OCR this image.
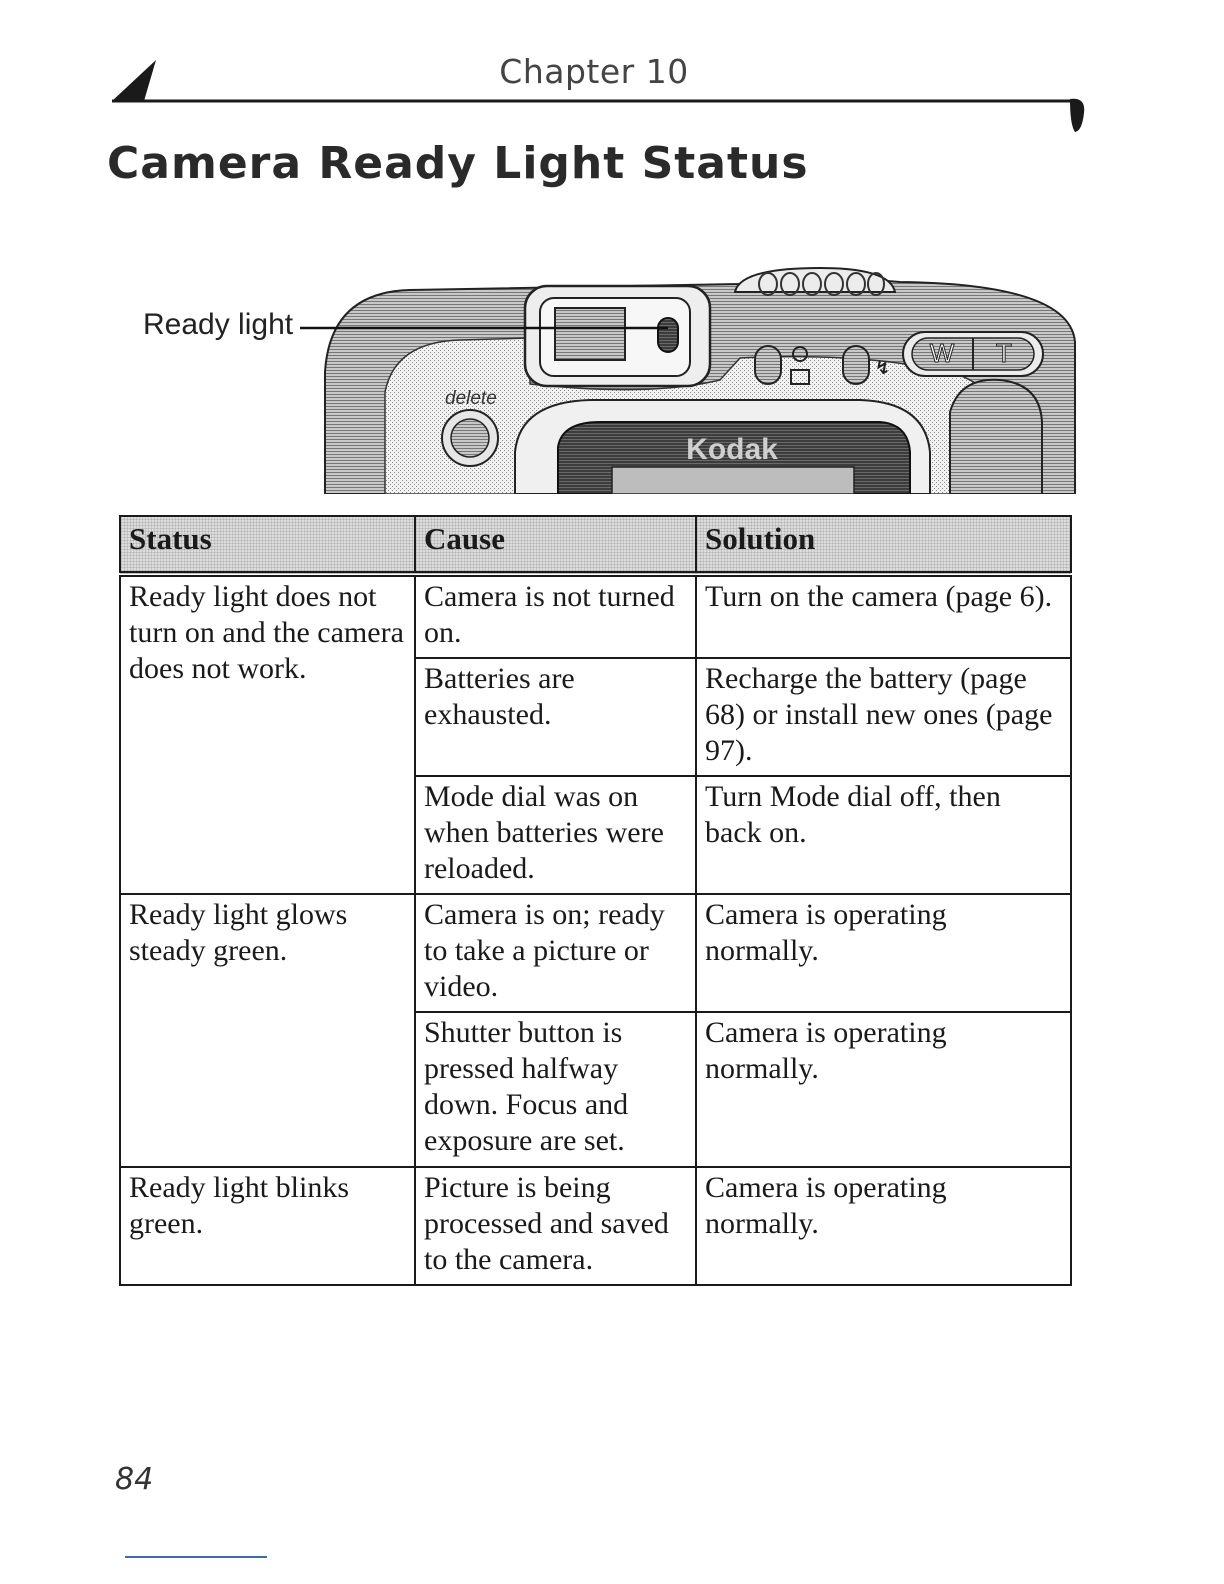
Chapter 10
Camera Ready Light Status
Ready light
↯
W T
delete
Kodak
Status	Cause	Solution
Ready light does not turn on and the camera does not work.	Camera is not turned on.	Turn on the camera (page 6).
	Batteries are exhausted.	Recharge the battery (page 68) or install new ones (page 97).
	Mode dial was on when batteries were reloaded.	Turn Mode dial off, then back on.
Ready light glows steady green.	Camera is on; ready to take a picture or video.	Camera is operating normally.
	Shutter button is pressed halfway down. Focus and exposure are set.	Camera is operating normally.
Ready light blinks green.	Picture is being processed and saved to the camera.	Camera is operating normally.
84
